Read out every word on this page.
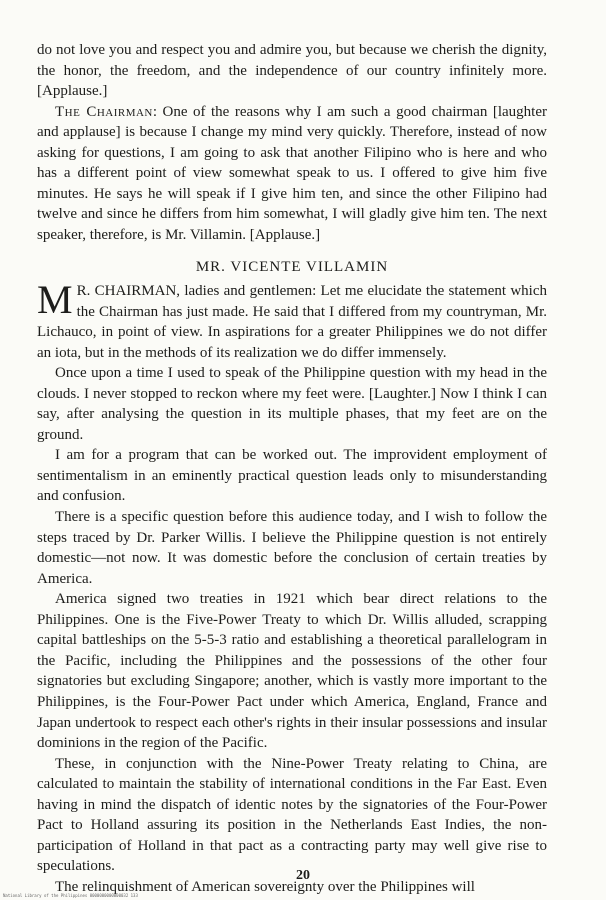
do not love you and respect you and admire you, but because we cherish the dignity, the honor, the freedom, and the independence of our country infinitely more. [Applause.]

The Chairman: One of the reasons why I am such a good chairman [laughter and applause] is because I change my mind very quickly. Therefore, instead of now asking for questions, I am going to ask that another Filipino who is here and who has a different point of view somewhat speak to us. I offered to give him five minutes. He says he will speak if I give him ten, and since the other Filipino had twelve and since he differs from him somewhat, I will gladly give him ten. The next speaker, therefore, is Mr. Villamin. [Applause.]

MR. VICENTE VILLAMIN

M R. CHAIRMAN, ladies and gentlemen: Let me elucidate the statement which the Chairman has just made. He said that I differed from my countryman, Mr. Lichauco, in point of view. In aspirations for a greater Philippines we do not differ an iota, but in the methods of its realization we do differ immensely.

Once upon a time I used to speak of the Philippine question with my head in the clouds. I never stopped to reckon where my feet were. [Laughter.] Now I think I can say, after analysing the question in its multiple phases, that my feet are on the ground.

I am for a program that can be worked out. The improvident employment of sentimentalism in an eminently practical question leads only to misunderstanding and confusion.

There is a specific question before this audience today, and I wish to follow the steps traced by Dr. Parker Willis. I believe the Philippine question is not entirely domestic—not now. It was domestic before the conclusion of certain treaties by America.

America signed two treaties in 1921 which bear direct relations to the Philippines. One is the Five-Power Treaty to which Dr. Willis alluded, scrapping capital battleships on the 5-5-3 ratio and establishing a theoretical parallelogram in the Pacific, including the Philippines and the possessions of the other four signatories but excluding Singapore; another, which is vastly more important to the Philippines, is the Four-Power Pact under which America, England, France and Japan undertook to respect each other's rights in their insular possessions and insular dominions in the region of the Pacific.

These, in conjunction with the Nine-Power Treaty relating to China, are calculated to maintain the stability of international conditions in the Far East. Even having in mind the dispatch of identic notes by the signatories of the Four-Power Pact to Holland assuring its position in the Netherlands East Indies, the non-participation of Holland in that pact as a contracting party may well give rise to speculations.

The relinquishment of American sovereignty over the Philippines will

20
National Library of the Philippines 0000000000000032 133
